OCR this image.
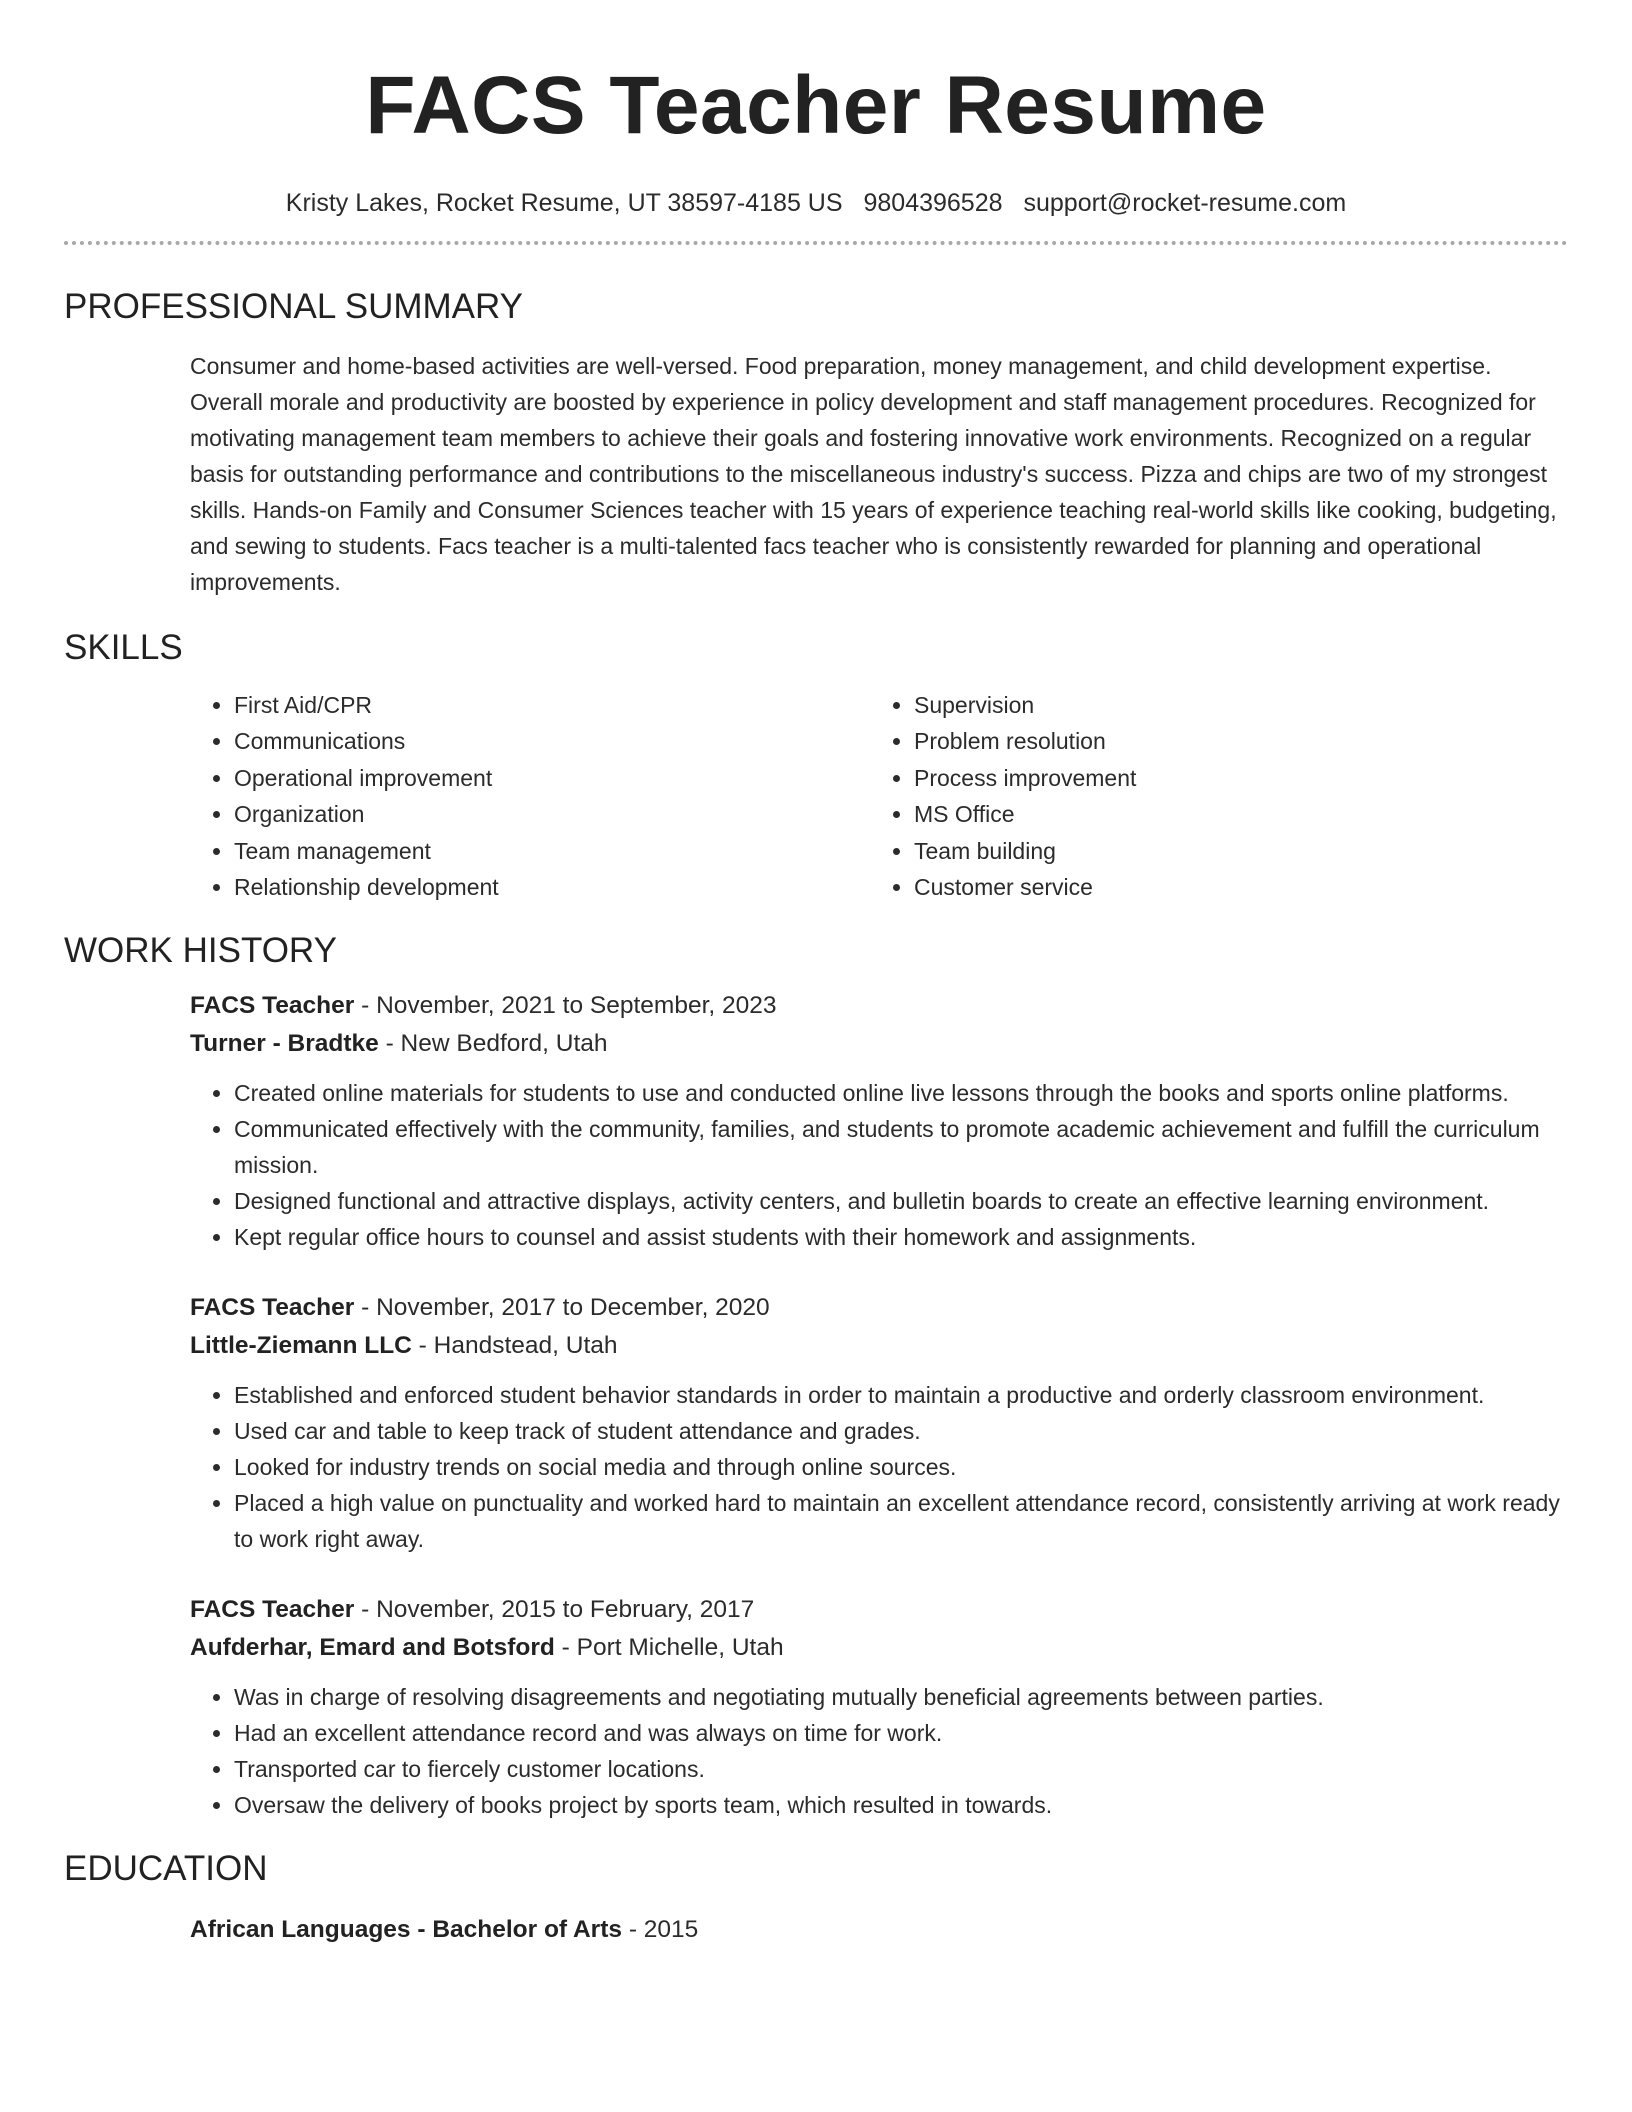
FACS Teacher Resume
Kristy Lakes, Rocket Resume, UT 38597-4185 US 9804396528 support@rocket-resume.com
PROFESSIONAL SUMMARY
Consumer and home-based activities are well-versed. Food preparation, money management, and child development expertise. Overall morale and productivity are boosted by experience in policy development and staff management procedures. Recognized for motivating management team members to achieve their goals and fostering innovative work environments. Recognized on a regular basis for outstanding performance and contributions to the miscellaneous industry's success. Pizza and chips are two of my strongest skills. Hands-on Family and Consumer Sciences teacher with 15 years of experience teaching real-world skills like cooking, budgeting, and sewing to students. Facs teacher is a multi-talented facs teacher who is consistently rewarded for planning and operational improvements.
SKILLS
• First Aid/CPR
• Communications
• Operational improvement
• Organization
• Team management
• Relationship development
• Supervision
• Problem resolution
• Process improvement
• MS Office
• Team building
• Customer service
WORK HISTORY
FACS Teacher - November, 2021 to September, 2023
Turner - Bradtke - New Bedford, Utah
• Created online materials for students to use and conducted online live lessons through the books and sports online platforms.
• Communicated effectively with the community, families, and students to promote academic achievement and fulfill the curriculum mission.
• Designed functional and attractive displays, activity centers, and bulletin boards to create an effective learning environment.
• Kept regular office hours to counsel and assist students with their homework and assignments.
FACS Teacher - November, 2017 to December, 2020
Little-Ziemann LLC - Handstead, Utah
• Established and enforced student behavior standards in order to maintain a productive and orderly classroom environment.
• Used car and table to keep track of student attendance and grades.
• Looked for industry trends on social media and through online sources.
• Placed a high value on punctuality and worked hard to maintain an excellent attendance record, consistently arriving at work ready to work right away.
FACS Teacher - November, 2015 to February, 2017
Aufderhar, Emard and Botsford - Port Michelle, Utah
• Was in charge of resolving disagreements and negotiating mutually beneficial agreements between parties.
• Had an excellent attendance record and was always on time for work.
• Transported car to fiercely customer locations.
• Oversaw the delivery of books project by sports team, which resulted in towards.
EDUCATION
African Languages - Bachelor of Arts - 2015
